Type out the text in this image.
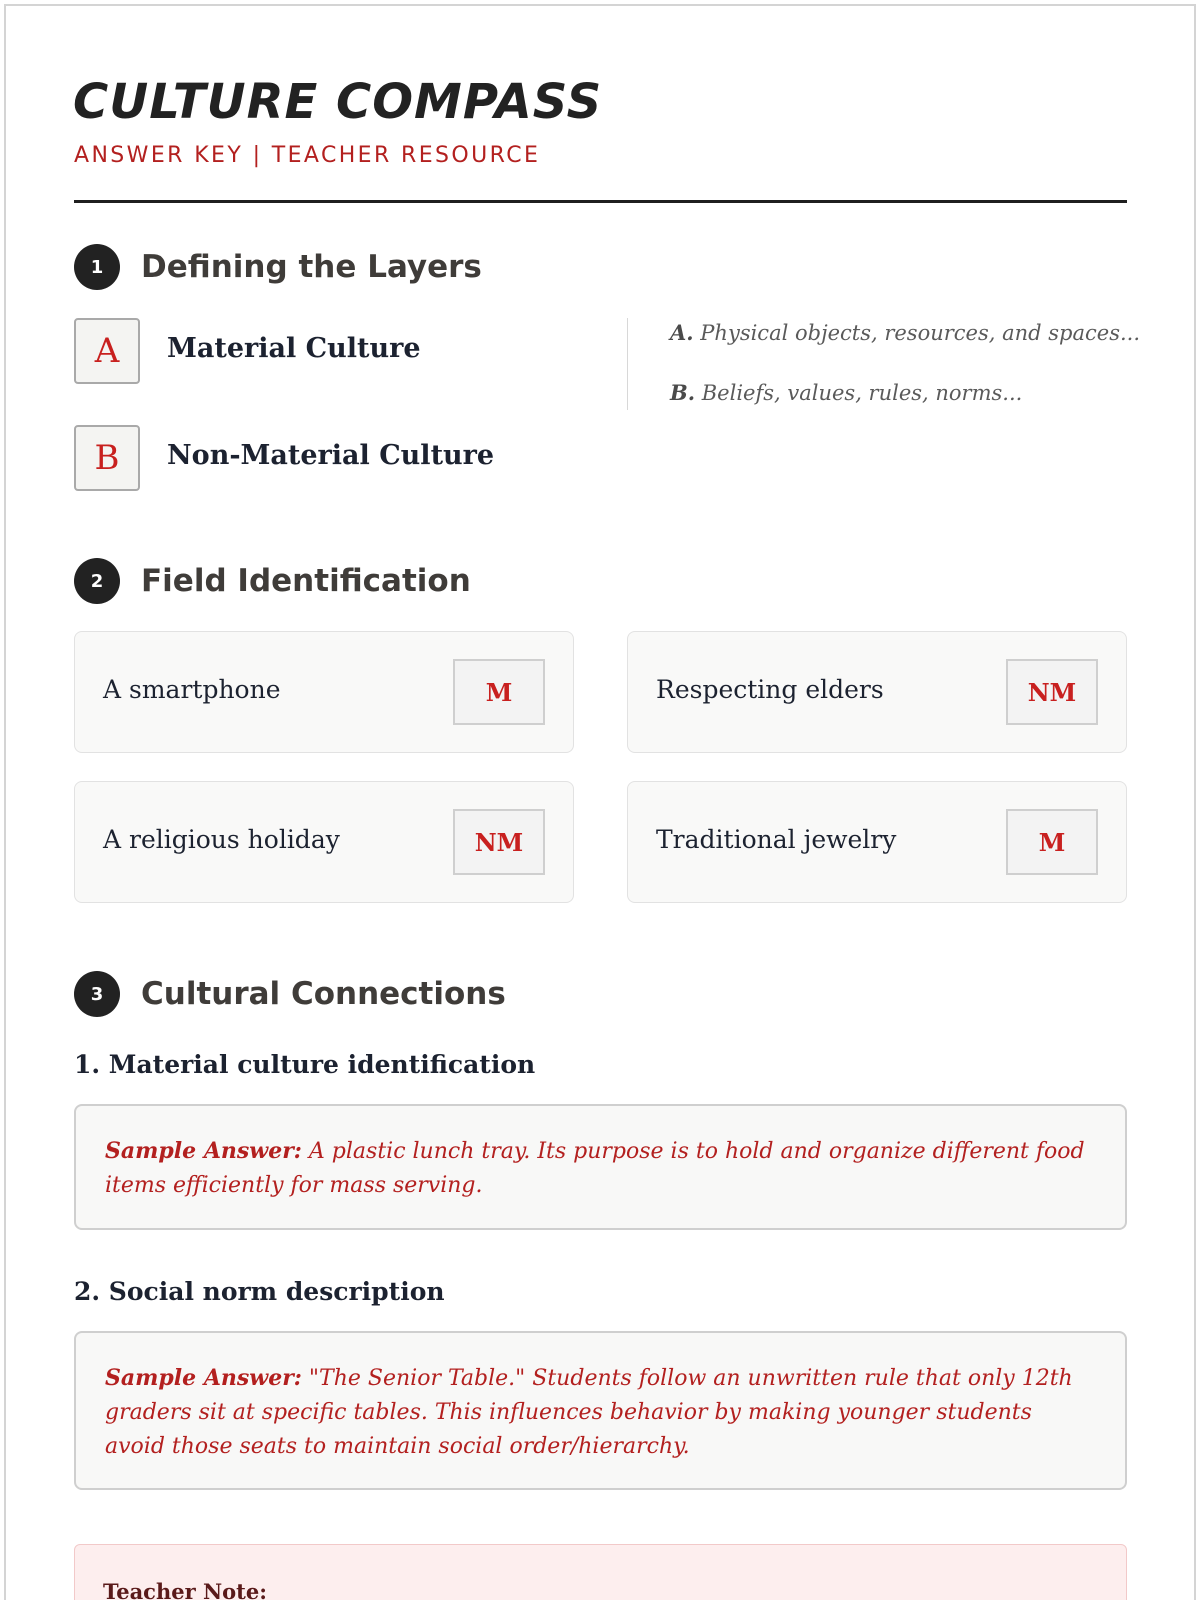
CULTURE COMPASS
ANSWER KEY | TEACHER RESOURCE
1	Defining the Layers
A	Material Culture
B	Non-Material Culture
A. Physical objects, resources, and spaces...
B. Beliefs, values, rules, norms...
2	Field Identification
A smartphone	M	Respecting elders	NM
A religious holiday	NM	Traditional jewelry	M
3	Cultural Connections
1. Material culture identification
Sample Answer: A plastic lunch tray. Its purpose is to hold and organize different food items efficiently for mass serving.
2. Social norm description
Sample Answer: "The Senior Table." Students follow an unwritten rule that only 12th graders sit at specific tables. This influences behavior by making younger students avoid those seats to maintain social order/hierarchy.
Teacher Note:
